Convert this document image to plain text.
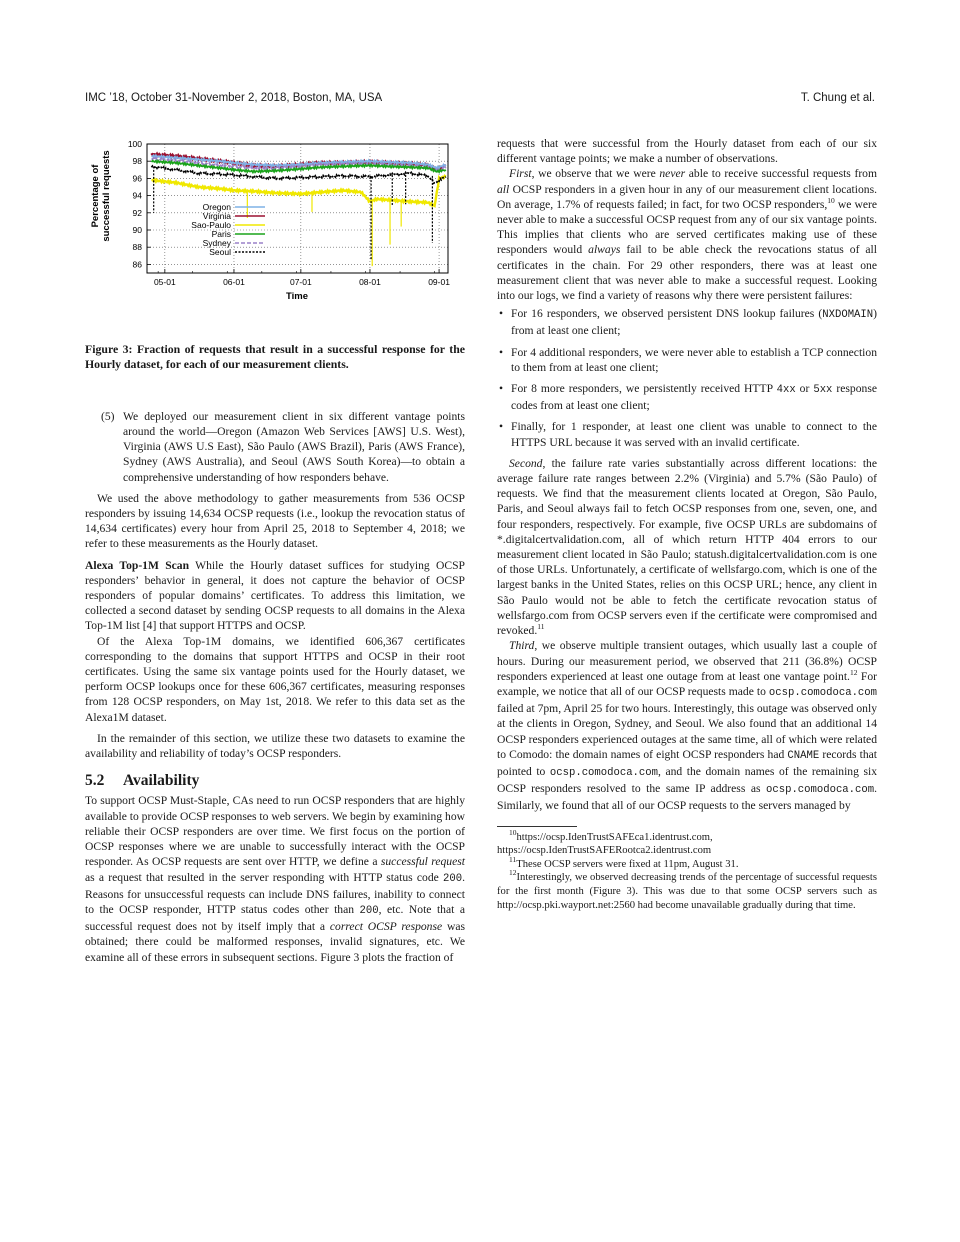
IMC ’18, October 31-November 2, 2018, Boston, MA, USA	T. Chung et al.
Percentage of successful requests
86
88
90
92
94
96
98
100
05-01	06-01	07-01	08-01	09-01
Oregon
Virginia
Sao-Paulo
Paris
Sydney
Seoul
Time

Figure 3: Fraction of requests that result in a successful response for the Hourly dataset, for each of our measurement clients.

(5) We deployed our measurement client in six different vantage points around the world—Oregon (Amazon Web Services [AWS] U.S. West), Virginia (AWS U.S East), São Paulo (AWS Brazil), Paris (AWS France), Sydney (AWS Australia), and Seoul (AWS South Korea)—to obtain a comprehensive understanding of how responders behave.

We used the above methodology to gather measurements from 536 OCSP responders by issuing 14,634 OCSP requests (i.e., lookup the revocation status of 14,634 certificates) every hour from April 25, 2018 to September 4, 2018; we refer to these measurements as the Hourly dataset.

Alexa Top-1M Scan While the Hourly dataset suffices for studying OCSP responders’ behavior in general, it does not capture the behavior of OCSP responders of popular domains’ certificates. To address this limitation, we collected a second dataset by sending OCSP requests to all domains in the Alexa Top-1M list [4] that support HTTPS and OCSP.

Of the Alexa Top-1M domains, we identified 606,367 certificates corresponding to the domains that support HTTPS and OCSP in their root certificates. Using the same six vantage points used for the Hourly dataset, we perform OCSP lookups once for these 606,367 certificates, measuring responses from 128 OCSP responders, on May 1st, 2018. We refer to this data set as the Alexa1M dataset.

In the remainder of this section, we utilize these two datasets to examine the availability and reliability of today’s OCSP responders.

5.2 Availability

To support OCSP Must-Staple, CAs need to run OCSP responders that are highly available to provide OCSP responses to web servers. We begin by examining how reliable their OCSP responders are over time. We first focus on the portion of OCSP responses where we are unable to successfully interact with the OCSP responder. As OCSP requests are sent over HTTP, we define a successful request as a request that resulted in the server responding with HTTP status code 200. Reasons for unsuccessful requests can include DNS failures, inability to connect to the OCSP responder, HTTP status codes other than 200, etc. Note that a successful request does not by itself imply that a correct OCSP response was obtained; there could be malformed responses, invalid signatures, etc. We examine all of these errors in subsequent sections. Figure 3 plots the fraction of

requests that were successful from the Hourly dataset from each of our six different vantage points; we make a number of observations.

First, we observe that we were never able to receive successful requests from all OCSP responders in a given hour in any of our measurement client locations. On average, 1.7% of requests failed; in fact, for two OCSP responders,$^{10}$ we were never able to make a successful OCSP request from any of our six vantage points. This implies that clients who are served certificates making use of these responders would always fail to be able check the revocations status of all certificates in the chain. For 29 other responders, there was at least one measurement client that was never able to make a successful request. Looking into our logs, we find a variety of reasons why there were persistent failures:

• For 16 responders, we observed persistent DNS lookup failures (NXDOMAIN) from at least one client;
• For 4 additional responders, we were never able to establish a TCP connection to them from at least one client;
• For 8 more responders, we persistently received HTTP 4xx or 5xx response codes from at least one client;
• Finally, for 1 responder, at least one client was unable to connect to the HTTPS URL because it was served with an invalid certificate.

Second, the failure rate varies substantially across different locations: the average failure rate ranges between 2.2% (Virginia) and 5.7% (São Paulo) of requests. We find that the measurement clients located at Oregon, São Paulo, Paris, and Seoul always fail to fetch OCSP responses from one, seven, one, and four responders, respectively. For example, five OCSP URLs are subdomains of *.digitalcertvalidation.com, all of which return HTTP 404 errors to our measurement client located in São Paulo; statush.digitalcertvalidation.com is one of those URLs. Unfortunately, a certificate of wellsfargo.com, which is one of the largest banks in the United States, relies on this OCSP URL; hence, any client in São Paulo would not be able to fetch the certificate revocation status of wellsfargo.com from OCSP servers even if the certificate were compromised and revoked.$^{11}$

Third, we observe multiple transient outages, which usually last a couple of hours. During our measurement period, we observed that 211 (36.8%) OCSP responders experienced at least one outage from at least one vantage point.$^{12}$ For example, we notice that all of our OCSP requests made to ocsp.comodoca.com failed at 7pm, April 25 for two hours. Interestingly, this outage was observed only at the clients in Oregon, Sydney, and Seoul. We also found that an additional 14 OCSP responders experienced outages at the same time, all of which were related to Comodo: the domain names of eight OCSP responders had CNAME records that pointed to ocsp.comodoca.com, and the domain names of the remaining six OCSP responders resolved to the same IP address as ocsp.comodoca.com. Similarly, we found that all of our OCSP requests to the servers managed by

$^{10}$https://ocsp.IdenTrustSAFEca1.identrust.com, https://ocsp.IdenTrustSAFERootca2.identrust.com

$^{11}$These OCSP servers were fixed at 11pm, August 31.

$^{12}$Interestingly, we observed decreasing trends of the percentage of successful requests for the first month (Figure 3). This was due to that some OCSP servers such as http://ocsp.pki.wayport.net:2560 had become unavailable gradually during that time.
